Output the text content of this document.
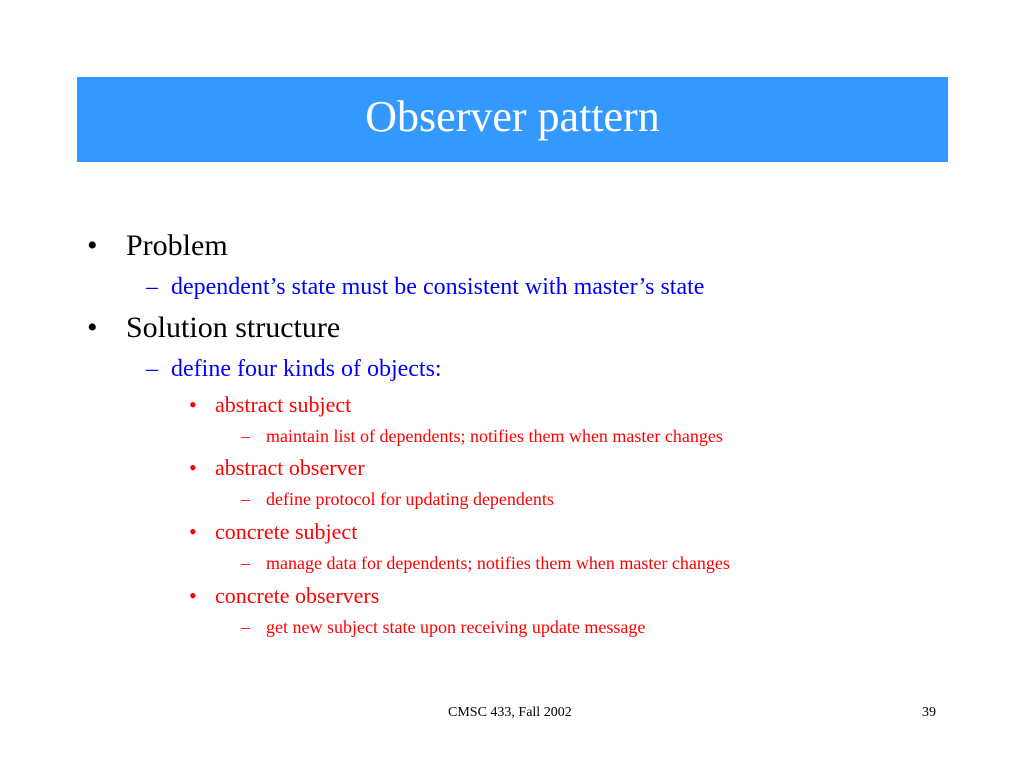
Observer pattern
• Problem
– dependent’s state must be consistent with master’s state
• Solution structure
– define four kinds of objects:
• abstract subject
– maintain list of dependents; notifies them when master changes
• abstract observer
– define protocol for updating dependents
• concrete subject
– manage data for dependents; notifies them when master changes
• concrete observers
– get new subject state upon receiving update message
CMSC 433, Fall 2002	39
